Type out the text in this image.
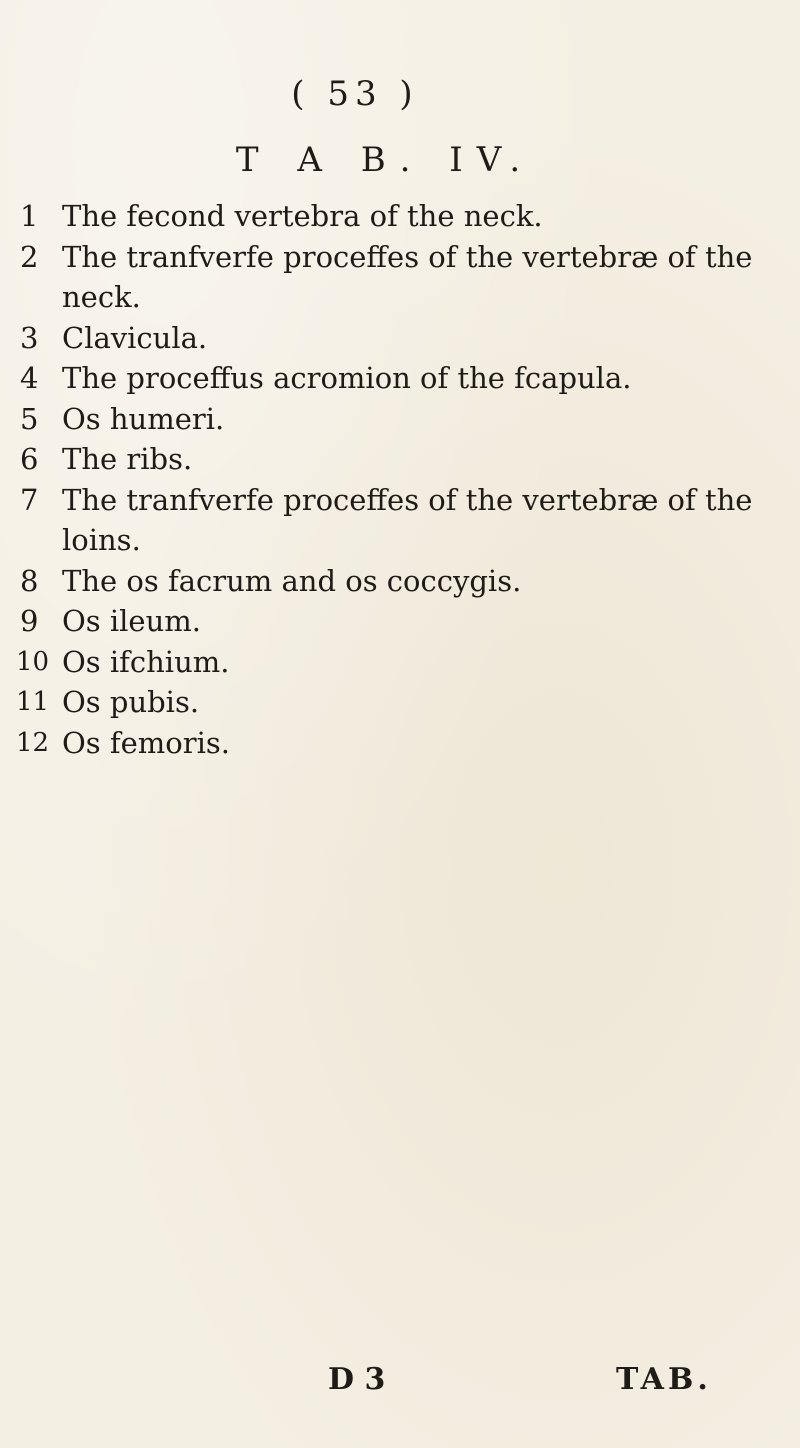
( 53 )
T A B. IV.
1 The fecond vertebra of the neck.
2 The tranfverfe proceffes of the vertebræ of the neck.
3 Clavicula.
4 The proceffus acromion of the fcapula.
5 Os humeri.
6 The ribs.
7 The tranfverfe proceffes of the vertebræ of the loins.
8 The os facrum and os coccygis.
9 Os ileum.
10 Os ifchium.
11 Os pubis.
12 Os femoris.
D 3	TAB.
